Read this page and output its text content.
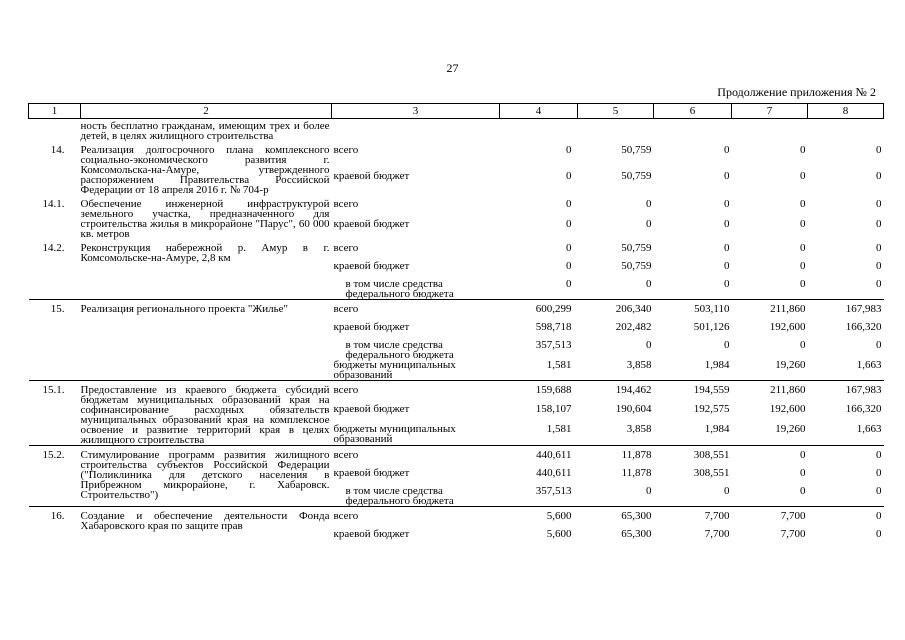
27
Продолжение приложения № 2
1	2	3	4	5	6	7	8
	ность бесплатно гражданам, имеющим трех и более детей, в целях жилищного строительства						
14.	Реализация долгосрочного плана комплексного социально-экономического развития г. Комсомольска-на-Амуре, утвержденного распоряжением Правительства Российской Федерации от 18 апреля 2016 г. № 704-р	всего	0	50,759	0	0	0
		краевой бюджет	0	50,759	0	0	0
14.1.	Обеспечение инженерной инфраструктурой земельного участка, предназначенного для строительства жилья в микрорайоне "Парус", 60 000 кв. метров	всего	0	0	0	0	0
		краевой бюджет	0	0	0	0	0
14.2.	Реконструкция набережной р. Амур в г. Комсомольске-на-Амуре, 2,8 км	всего	0	50,759	0	0	0
		краевой бюджет	0	50,759	0	0	0
		в том числе средства федерального бюджета	0	0	0	0	0
15.	Реализация регионального проекта "Жилье"	всего	600,299	206,340	503,110	211,860	167,983
		краевой бюджет	598,718	202,482	501,126	192,600	166,320
		в том числе средства федерального бюджета	357,513	0	0	0	0
		бюджеты муниципальных образований	1,581	3,858	1,984	19,260	1,663
15.1.	Предоставление из краевого бюджета субсидий бюджетам муниципальных образований края на софинансирование расходных обязательств муниципальных образований края на комплексное освоение и развитие территорий края в целях жилищного строительства	всего	159,688	194,462	194,559	211,860	167,983
		краевой бюджет	158,107	190,604	192,575	192,600	166,320
		бюджеты муниципальных образований	1,581	3,858	1,984	19,260	1,663
15.2.	Стимулирование программ развития жилищного строительства субъектов Российской Федерации ("Поликлиника для детского населения в Прибрежном микрорайоне, г. Хабаровск. Строительство")	всего	440,611	11,878	308,551	0	0
		краевой бюджет	440,611	11,878	308,551	0	0
		в том числе средства федерального бюджета	357,513	0	0	0	0
16.	Создание и обеспечение деятельности Фонда Хабаровского края по защите прав	всего	5,600	65,300	7,700	7,700	0
		краевой бюджет	5,600	65,300	7,700	7,700	0
